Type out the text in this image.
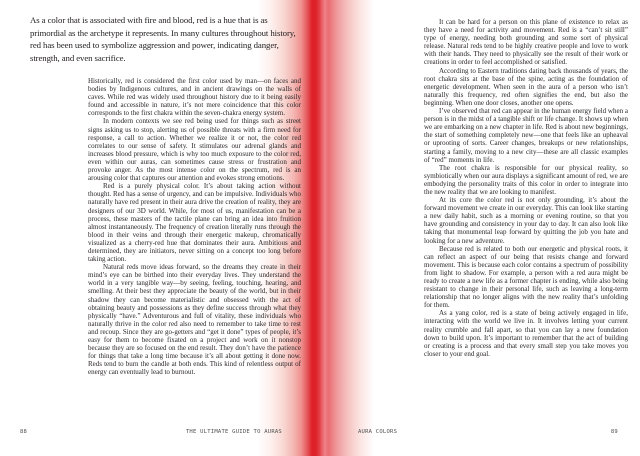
As a color that is associated with fire and blood, red is a hue that is as primordial as the archetype it represents. In many cultures throughout history, red has been used to symbolize aggression and power, indicating danger, strength, and even sacrifice.

Historically, red is considered the first color used by man—on faces and bodies by Indigenous cultures, and in ancient drawings on the walls of caves. While red was widely used throughout history due to it being easily found and accessible in nature, it’s not mere coincidence that this color corresponds to the first chakra within the seven-chakra energy system.

In modern contexts we see red being used for things such as street signs asking us to stop, alerting us of possible threats with a firm need for response, a call to action. Whether we realize it or not, the color red correlates to our sense of safety. It stimulates our adrenal glands and increases blood pressure, which is why too much exposure to the color red, even within our auras, can sometimes cause stress or frustration and provoke anger. As the most intense color on the spectrum, red is an arousing color that captures our attention and evokes strong emotions.

Red is a purely physical color. It’s about taking action without thought. Red has a sense of urgency, and can be impulsive. Individuals who naturally have red present in their aura drive the creation of reality, they are designers of our 3D world. While, for most of us, manifestation can be a process, these masters of the tactile plane can bring an idea into fruition almost instantaneously. The frequency of creation literally runs through the blood in their veins and through their energetic makeup, chromatically visualized as a cherry-red hue that dominates their aura. Ambitious and determined, they are initiators, never sitting on a concept too long before taking action.

Natural reds move ideas forward, so the dreams they create in their mind’s eye can be birthed into their everyday lives. They understand the world in a very tangible way—by seeing, feeling, touching, hearing, and smelling. At their best they appreciate the beauty of the world, but in their shadow they can become materialistic and obsessed with the act of obtaining beauty and possessions as they define success through what they physically “have.” Adventurous and full of vitality, these individuals who naturally thrive in the color red also need to remember to take time to rest and recoup. Since they are go-getters and “get it done” types of people, it’s easy for them to become fixated on a project and work on it nonstop because they are so focused on the end result. They don’t have the patience for things that take a long time because it’s all about getting it done now. Reds tend to burn the candle at both ends. This kind of relentless output of energy can eventually lead to burnout.

88	THE ULTIMATE GUIDE TO AURAS

It can be hard for a person on this plane of existence to relax as they have a need for activity and movement. Red is a “can’t sit still” type of energy, needing both grounding and some sort of physical release. Natural reds tend to be highly creative people and love to work with their hands. They need to physically see the result of their work or creations in order to feel accomplished or satisfied.

According to Eastern traditions dating back thousands of years, the root chakra sits at the base of the spine, acting as the foundation of energetic development. When seen in the aura of a person who isn’t naturally this frequency, red often signifies the end, but also the beginning. When one door closes, another one opens.

I’ve observed that red can appear in the human energy field when a person is in the midst of a tangible shift or life change. It shows up when we are embarking on a new chapter in life. Red is about new beginnings, the start of something completely new—one that feels like an upheaval or uprooting of sorts. Career changes, breakups or new relationships, starting a family, moving to a new city—these are all classic examples of “red” moments in life.

The root chakra is responsible for our physical reality, so symbiotically when our aura displays a significant amount of red, we are embodying the personality traits of this color in order to integrate into the new reality that we are looking to manifest.

At its core the color red is not only grounding, it’s about the forward movement we create in our everyday. This can look like starting a new daily habit, such as a morning or evening routine, so that you have grounding and consistency in your day to day. It can also look like taking that monumental leap forward by quitting the job you hate and looking for a new adventure.

Because red is related to both our energetic and physical roots, it can reflect an aspect of our being that resists change and forward movement. This is because each color contains a spectrum of possibility from light to shadow. For example, a person with a red aura might be ready to create a new life as a former chapter is ending, while also being resistant to change in their personal life, such as leaving a long-term relationship that no longer aligns with the new reality that’s unfolding for them.

As a yang color, red is a state of being actively engaged in life, interacting with the world we live in. It involves letting your current reality crumble and fall apart, so that you can lay a new foundation down to build upon. It’s important to remember that the act of building or creating is a process and that every small step you take moves you closer to your end goal.

AURA COLORS	89
